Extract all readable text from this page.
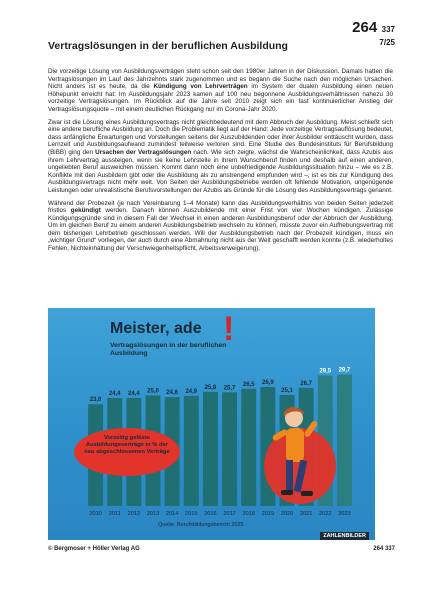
264 337
7/25
Vertragslösungen in der beruflichen Ausbildung

Die vorzeitige Lösung von Ausbildungsverträgen steht schon seit den 1980er Jahren in der Diskussion. Damals hatten die Vertragslösungen im Lauf des Jahrzehnts stark zugenommen und es begann die Suche nach den möglichen Ursachen. Nicht anders ist es heute, da die Kündigung von Lehrverträgen im System der dualen Ausbildung einen neuen Höhepunkt erreicht hat: Im Ausbildungsjahr 2023 kamen auf 100 neu begonnene Ausbildungsverhältnissen nahezu 30 vorzeitige Vertragslösungen. Im Rückblick auf die Jahre seit 2010 zeigt sich ein fast kontinuierlicher Anstieg der Vertragslösungsquote – mit einem deutlichen Rückgang nur im Corona-Jahr 2020.

Zwar ist die Lösung eines Ausbildungsvertrags nicht gleichbedeutend mit dem Abbruch der Ausbildung. Meist schließt sich eine andere berufliche Ausbildung an. Doch die Problematik liegt auf der Hand: Jede vorzeitige Vertragsauflösung bedeutet, dass anfängliche Erwartungen und Vorstellungen seitens der Auszubildenden oder ihrer Ausbilder enttäuscht wurden, dass Lernzeit und Ausbildungsaufwand zumindest teilweise verloren sind. Eine Studie des Bundesinstituts für Berufsbildung (BiBB) ging den Ursachen der Vertragslösungen nach. Wie sich zeigte, wächst die Wahrscheinlichkeit, dass Azubis aus ihrem Lehrvertrag aussteigen, wenn sie keine Lehrstelle in ihrem Wunschberuf finden und deshalb auf einen anderen, ungeliebten Beruf ausweichen müssen. Kommt dann noch eine unbefriedigende Ausbildungssituation hinzu – wie es z.B. Konflikte mit den Ausbildern gibt oder die Ausbildung als zu anstrengend empfunden wird –, ist es bis zur Kündigung des Ausbildungsvertrags nicht mehr weit. Von Seiten der Ausbildungsbetriebe werden oft fehlende Motivation, ungenügende Leistungen oder unrealistische Berufsvorstellungen der Azubis als Gründe für die Lösung des Ausbildungsvertrags genannt.

Während der Probezeit (je nach Vereinbarung 1–4 Monate) kann das Ausbildungsverhältnis von beiden Seiten jederzeit fristlos gekündigt werden. Danach können Auszubildende mit einer Frist von vier Wochen kündigen. Zulässige Kündigungsgründe sind in diesem Fall der Wechsel in einen anderen Ausbildungsberuf oder der Abbruch der Ausbildung. Um im gleichen Beruf zu einem anderen Ausbildungsbetrieb wechseln zu können, müsste zuvor ein Aufhebungsvertrag mit dem bisherigen Lehrbetrieb geschlossen werden. Will der Ausbildungsbetrieb nach der Probezeit kündigen, muss ein „wichtiger Grund“ vorliegen, der auch durch eine Abmahnung nicht aus der Welt geschafft werden konnte (z.B. wiederholtes Fehlen, Nichteinhaltung der Verschwiegenheitspflicht, Arbeitsverweigerung).

23,0
24,4 24,4 25,0 24,6 24,9
25,8 25,7
26,5 26,9
25,1
26,7
29,5 29,7
2010 2011 2012 2013 2014 2015 2016 2017 2018 2019 2020 2021 2022 2023
Meister, ade !
Vertragslösungen in der beruflichen Ausbildung
Vorzeitig gelöste Ausbildungsverträge in % der neu abgeschlossenen Verträge
Quelle: Berufsbildungsbericht 2025
ZAHLENBILDER
© Bergmoser + Höller Verlag AG	264 337
